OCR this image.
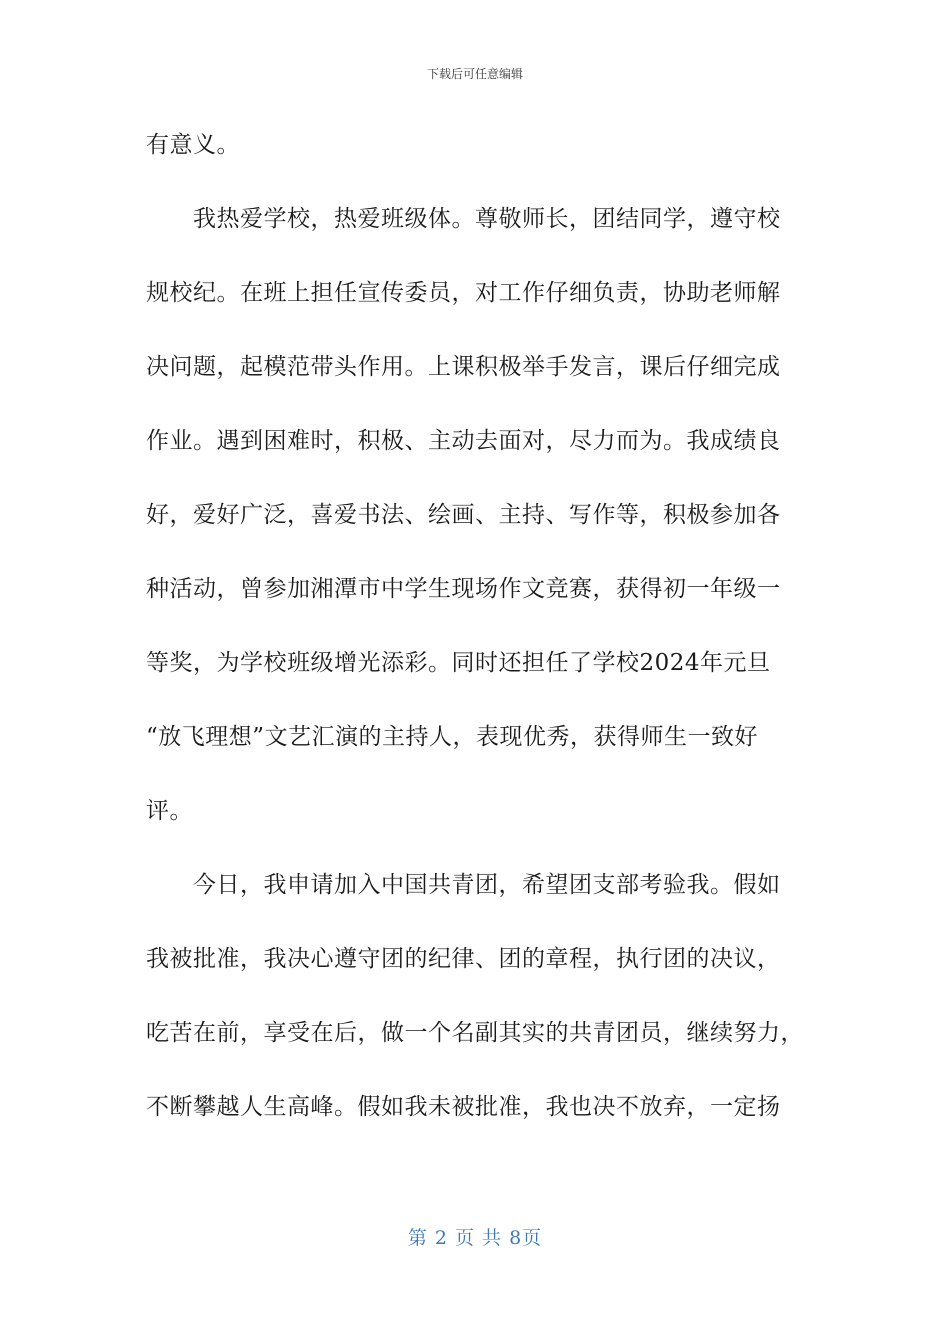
下载后可任意编辑
有意义。
我热爱学校，热爱班级体。尊敬师长，团结同学，遵守校
规校纪。在班上担任宣传委员，对工作仔细负责，协助老师解
决问题，起模范带头作用。上课积极举手发言，课后仔细完成
作业。遇到困难时，积极、主动去面对，尽力而为。我成绩良
好，爱好广泛，喜爱书法、绘画、主持、写作等，积极参加各
种活动，曾参加湘潭市中学生现场作文竞赛，获得初一年级一
等奖，为学校班级增光添彩。同时还担任了学校2024年元旦
“放飞理想”文艺汇演的主持人，表现优秀，获得师生一致好
评。
今日，我申请加入中国共青团，希望团支部考验我。假如
我被批准，我决心遵守团的纪律、团的章程，执行团的决议，
吃苦在前，享受在后，做一个名副其实的共青团员，继续努力，
不断攀越人生高峰。假如我未被批准，我也决不放弃，一定扬
第 2 页 共 8页
